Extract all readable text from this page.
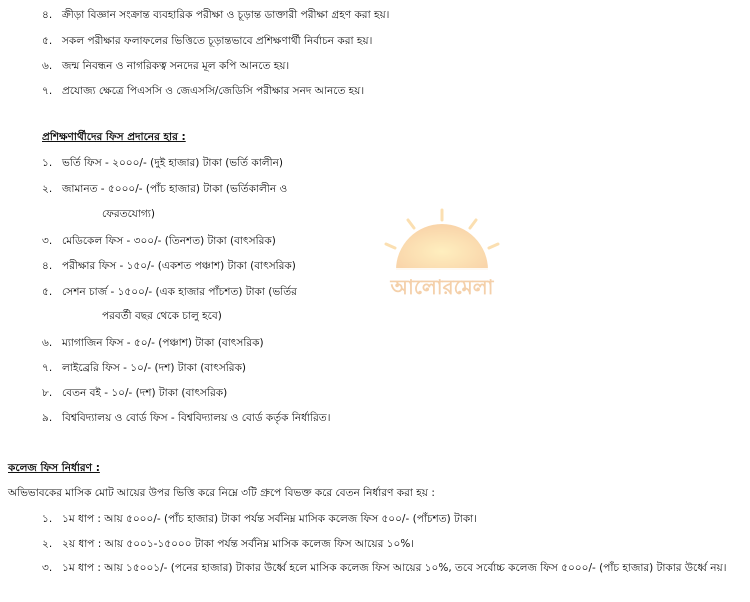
৪. ক্রীড়া বিজ্ঞান সংক্রান্ত ব্যবহারিক পরীক্ষা ও চূড়ান্ত ডাক্তারী পরীক্ষা গ্রহণ করা হয়।
৫. সকল পরীক্ষার ফলাফলের ভিত্তিতে চূড়ান্তভাবে প্রশিক্ষণার্থী নির্বাচন করা হয়।
৬. জন্ম নিবন্ধন ও নাগরিকত্ব সনদের মূল কপি আনতে হয়।
৭. প্রযোজ্য ক্ষেত্রে পিএসসি ও জেএসসি/জেডিসি পরীক্ষার সনদ আনতে হয়।
প্রশিক্ষণার্থীদের ফিস প্রদানের হার :
১. ভর্তি ফিস - ২০০০/- (দুই হাজার) টাকা (ভর্তি কালীন)
২. জামানত - ৫০০০/- (পাঁচ হাজার) টাকা (ভর্তিকালীন ও
ফেরতযোগ্য)
৩. মেডিকেল ফিস - ৩০০/- (তিনশত) টাকা (বাৎসরিক)
৪. পরীক্ষার ফিস - ১৫০/- (একশত পঞ্চাশ) টাকা (বাৎসরিক)
৫. সেশন চার্জ - ১৫০০/- (এক হাজার পাঁচশত) টাকা (ভর্তির
পরবর্তী বছর থেকে চালু হবে)
৬. ম্যাগাজিন ফিস - ৫০/- (পঞ্চাশ) টাকা (বাৎসরিক)
৭. লাইব্রেরি ফিস - ১০/- (দশ) টাকা (বাৎসরিক)
৮. বেতন বই - ১০/- (দশ) টাকা (বাৎসরিক)
৯. বিশ্ববিদ্যালয় ও বোর্ড ফিস - বিশ্ববিদ্যালয় ও বোর্ড কর্তৃক নির্ধারিত।
কলেজ ফিস নির্ধারণ :
অভিভাবকের মাসিক মোট আয়ের উপর ভিত্তি করে নিম্নে ৩টি গ্রুপে বিভক্ত করে বেতন নির্ধারণ করা হয় :
১. ১ম ধাপ : আয় ৫০০০/- (পাঁচ হাজার) টাকা পর্যন্ত সর্বনিম্ন মাসিক কলেজ ফিস ৫০০/- (পাঁচশত) টাকা।
২. ২য় ধাপ : আয় ৫০০১-১৫০০০ টাকা পর্যন্ত সর্বনিম্ন মাসিক কলেজ ফিস আয়ের ১০%।
৩. ১ম ধাপ : আয় ১৫০০১/- (পনের হাজার) টাকার উর্ধ্বে হলে মাসিক কলেজ ফিস আয়ের ১০%, তবে সর্বোচ্চ কলেজ ফিস ৫০০০/- (পাঁচ হাজার) টাকার উর্ধ্বে নয়।
আলোরমেলা
